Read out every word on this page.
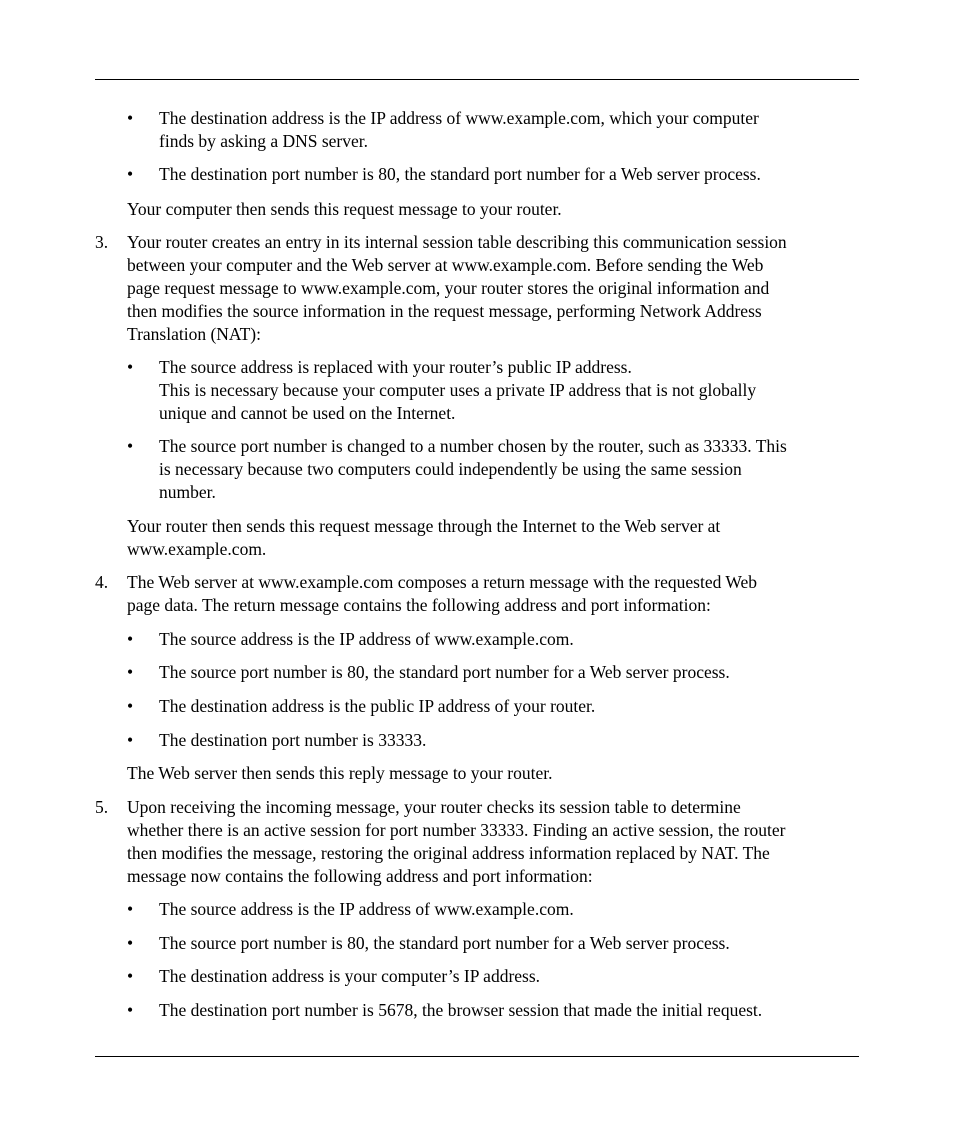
•	The destination address is the IP address of www.example.com, which your computer
finds by asking a DNS server.
•	The destination port number is 80, the standard port number for a Web server process.
Your computer then sends this request message to your router.
3.	Your router creates an entry in its internal session table describing this communication session
between your computer and the Web server at www.example.com. Before sending the Web
page request message to www.example.com, your router stores the original information and
then modifies the source information in the request message, performing Network Address
Translation (NAT):
•	The source address is replaced with your router’s public IP address.
This is necessary because your computer uses a private IP address that is not globally
unique and cannot be used on the Internet.
•	The source port number is changed to a number chosen by the router, such as 33333. This
is necessary because two computers could independently be using the same session
number.
Your router then sends this request message through the Internet to the Web server at
www.example.com.
4.	The Web server at www.example.com composes a return message with the requested Web
page data. The return message contains the following address and port information:
•	The source address is the IP address of www.example.com.
•	The source port number is 80, the standard port number for a Web server process.
•	The destination address is the public IP address of your router.
•	The destination port number is 33333.
The Web server then sends this reply message to your router.
5.	Upon receiving the incoming message, your router checks its session table to determine
whether there is an active session for port number 33333. Finding an active session, the router
then modifies the message, restoring the original address information replaced by NAT. The
message now contains the following address and port information:
•	The source address is the IP address of www.example.com.
•	The source port number is 80, the standard port number for a Web server process.
•	The destination address is your computer’s IP address.
•	The destination port number is 5678, the browser session that made the initial request.
